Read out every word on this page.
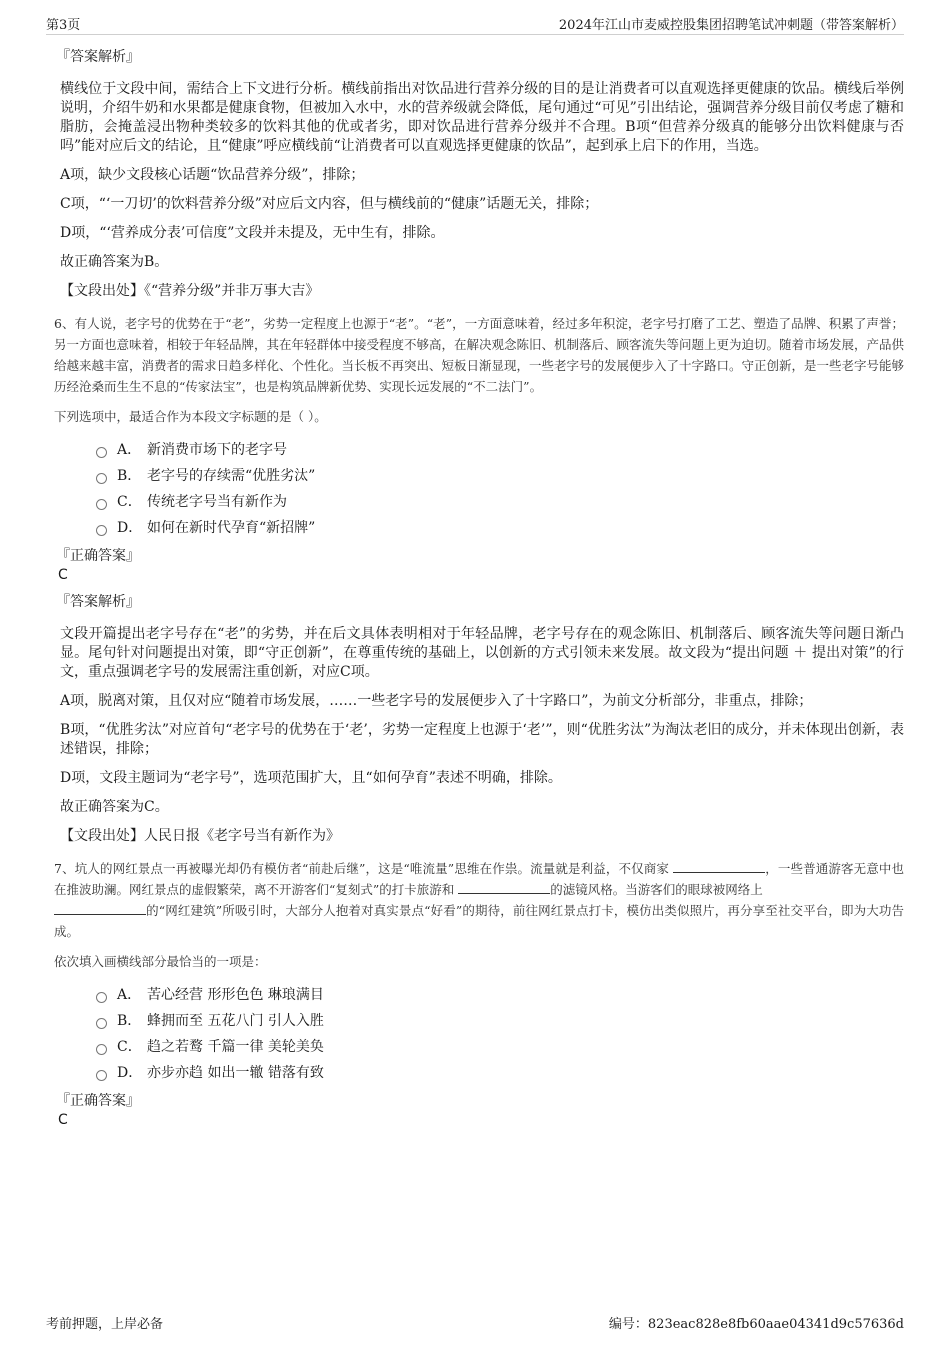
第3页	2024年江山市麦威控股集团招聘笔试冲刺题（带答案解析）
『答案解析』

横线位于文段中间，需结合上下文进行分析。横线前指出对饮品进行营养分级的目的是让消费者可以直观选择更健康的饮品。横线后举例说明，介绍牛奶和水果都是健康食物，但被加入水中，水的营养级就会降低，尾句通过“可见”引出结论，强调营养分级目前仅考虑了糖和脂肪，会掩盖浸出物种类较多的饮料其他的优或者劣，即对饮品进行营养分级并不合理。B项“但营养分级真的能够分出饮料健康与否吗”能对应后文的结论，且“健康”呼应横线前“让消费者可以直观选择更健康的饮品”，起到承上启下的作用，当选。

A项，缺少文段核心话题“饮品营养分级”，排除；

C项，“‘一刀切’的饮料营养分级”对应后文内容，但与横线前的“健康”话题无关，排除；

D项，“‘营养成分表’可信度”文段并未提及，无中生有，排除。

故正确答案为B。

【文段出处】《“营养分级”并非万事大吉》

6、有人说，老字号的优势在于“老”，劣势一定程度上也源于“老”。“老”，一方面意味着，经过多年积淀，老字号打磨了工艺、塑造了品牌、积累了声誉；另一方面也意味着，相较于年轻品牌，其在年轻群体中接受程度不够高，在解决观念陈旧、机制落后、顾客流失等问题上更为迫切。随着市场发展，产品供给越来越丰富，消费者的需求日趋多样化、个性化。当长板不再突出、短板日渐显现，一些老字号的发展便步入了十字路口。守正创新，是一些老字号能够历经沧桑而生生不息的“传家法宝”，也是构筑品牌新优势、实现长远发展的“不二法门”。
下列选项中，最适合作为本段文字标题的是（ ）。
A． 新消费市场下的老字号
B． 老字号的存续需“优胜劣汰”
C． 传统老字号当有新作为
D． 如何在新时代孕育“新招牌”
『正确答案』
C
『答案解析』

文段开篇提出老字号存在“老”的劣势，并在后文具体表明相对于年轻品牌，老字号存在的观念陈旧、机制落后、顾客流失等问题日渐凸显。尾句针对问题提出对策，即“守正创新”，在尊重传统的基础上，以创新的方式引领未来发展。故文段为“提出问题 ＋ 提出对策”的行文，重点强调老字号的发展需注重创新，对应C项。

A项，脱离对策，且仅对应“随着市场发展，……一些老字号的发展便步入了十字路口”，为前文分析部分，非重点，排除；

B项，“优胜劣汰”对应首句“老字号的优势在于‘老’，劣势一定程度上也源于‘老’”，则“优胜劣汰”为淘汰老旧的成分，并未体现出创新，表述错误，排除；

D项，文段主题词为“老字号”，选项范围扩大，且“如何孕育”表述不明确，排除。

故正确答案为C。

【文段出处】人民日报《老字号当有新作为》

7、坑人的网红景点一再被曝光却仍有模仿者“前赴后继”，这是“唯流量”思维在作祟。流量就是利益，不仅商家	，一些普通游客无意中也在推波助澜。网红景点的虚假繁荣，离不开游客们“复刻式”的打卡旅游和	的滤镜风格。当游客们的眼球被网络上
的“网红建筑”所吸引时，大部分人抱着对真实景点“好看”的期待，前往网红景点打卡，模仿出类似照片，再分享至社交平台，即为大功告成。
依次填入画横线部分最恰当的一项是：
A． 苦心经营 形形色色 琳琅满目
B． 蜂拥而至 五花八门 引人入胜
C． 趋之若鹜 千篇一律 美轮美奂
D． 亦步亦趋 如出一辙 错落有致
『正确答案』
C
考前押题，上岸必备	编号：823eac828e8fb60aae04341d9c57636d
